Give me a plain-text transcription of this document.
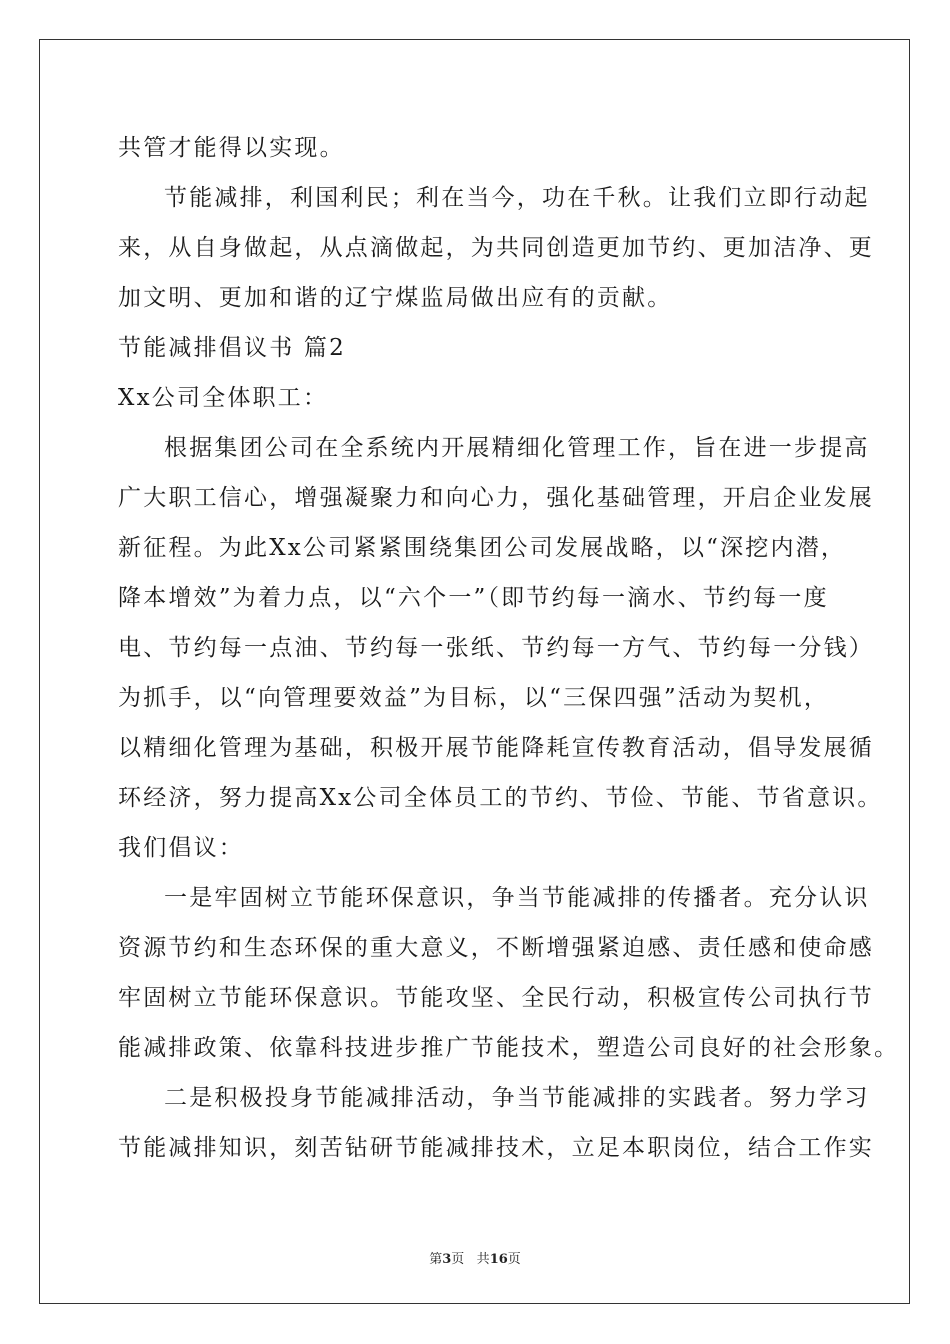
共管才能得以实现。
节能减排，利国利民；利在当今，功在千秋。让我们立即行动起
来，从自身做起，从点滴做起，为共同创造更加节约、更加洁净、更
加文明、更加和谐的辽宁煤监局做出应有的贡献。
节能减排倡议书 篇2
Xx公司全体职工：
根据集团公司在全系统内开展精细化管理工作，旨在进一步提高
广大职工信心，增强凝聚力和向心力，强化基础管理，开启企业发展
新征程。为此Xx公司紧紧围绕集团公司发展战略，以“深挖内潜，
降本增效”为着力点，以“六个一”（即节约每一滴水、节约每一度
电、节约每一点油、节约每一张纸、节约每一方气、节约每一分钱）
为抓手，以“向管理要效益”为目标，以“三保四强”活动为契机，
以精细化管理为基础，积极开展节能降耗宣传教育活动，倡导发展循
环经济，努力提高Xx公司全体员工的节约、节俭、节能、节省意识。
我们倡议：
一是牢固树立节能环保意识，争当节能减排的传播者。充分认识
资源节约和生态环保的重大意义，不断增强紧迫感、责任感和使命感
牢固树立节能环保意识。节能攻坚、全民行动，积极宣传公司执行节
能减排政策、依靠科技进步推广节能技术，塑造公司良好的社会形象。
二是积极投身节能减排活动，争当节能减排的实践者。努力学习
节能减排知识，刻苦钻研节能减排技术，立足本职岗位，结合工作实
第3页 共16页
